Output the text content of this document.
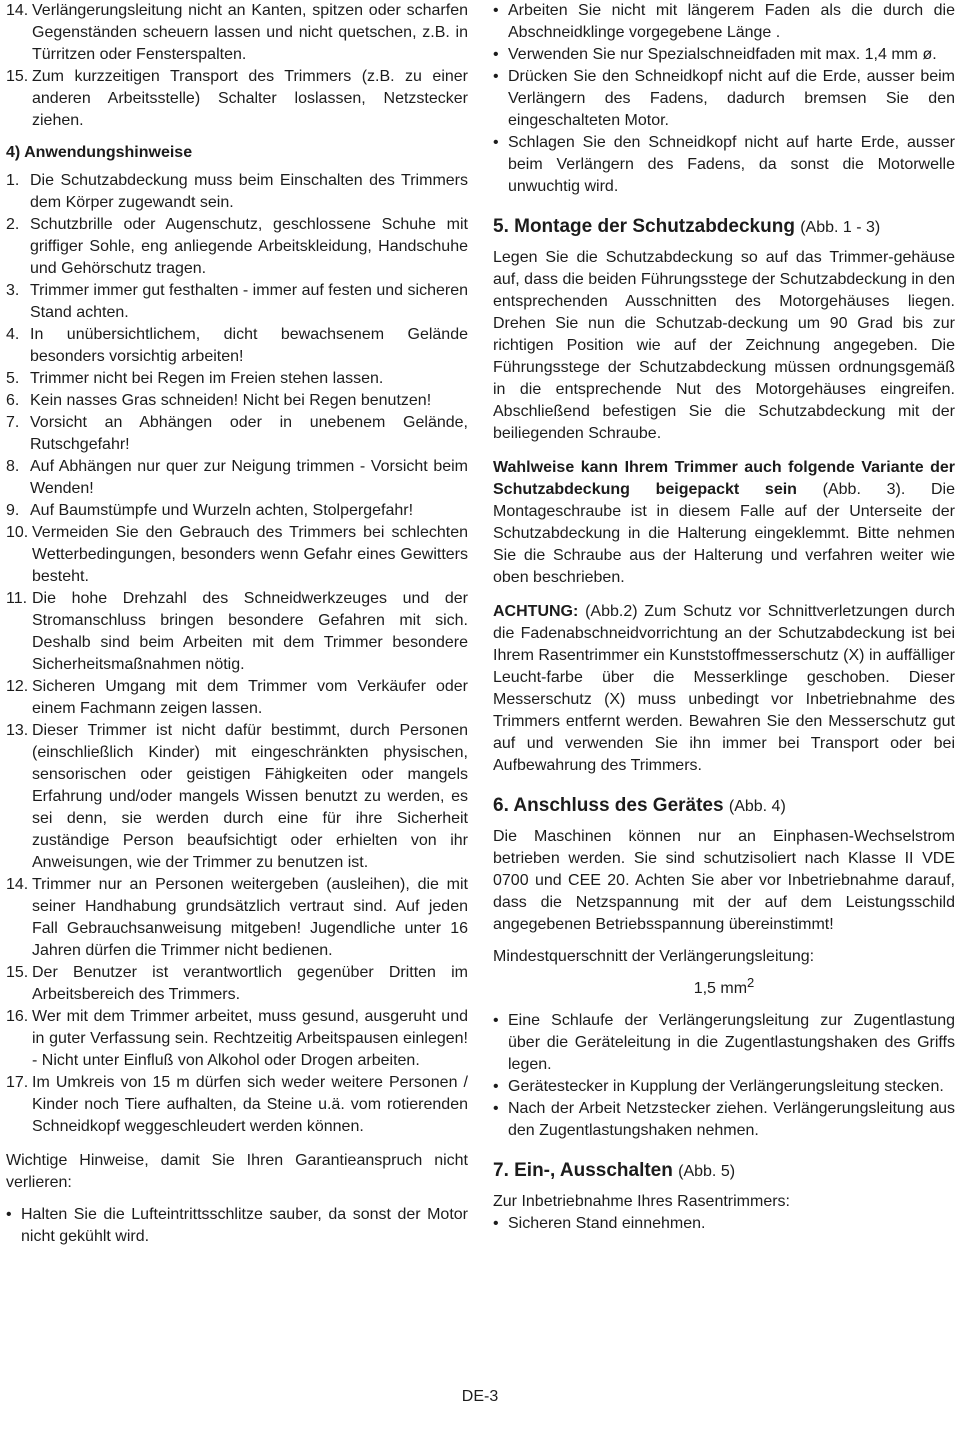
14. Verlängerungsleitung nicht an Kanten, spitzen oder scharfen Gegenständen scheuern lassen und nicht quetschen, z.B. in Türritzen oder Fensterspalten.
15. Zum kurzzeitigen Transport des Trimmers (z.B. zu einer anderen Arbeitsstelle) Schalter loslassen, Netzstecker ziehen.
4) Anwendungshinweise
1. Die Schutzabdeckung muss beim Einschalten des Trimmers dem Körper zugewandt sein.
2. Schutzbrille oder Augenschutz, geschlossene Schuhe mit griffiger Sohle, eng anliegende Arbeitskleidung, Handschuhe und Gehörschutz tragen.
3. Trimmer immer gut festhalten - immer auf festen und sicheren Stand achten.
4. In unübersichtlichem, dicht bewachsenem Gelände besonders vorsichtig arbeiten!
5. Trimmer nicht bei Regen im Freien stehen lassen.
6. Kein nasses Gras schneiden! Nicht bei Regen benutzen!
7. Vorsicht an Abhängen oder in unebenem Gelände, Rutschgefahr!
8. Auf Abhängen nur quer zur Neigung trimmen - Vorsicht beim Wenden!
9. Auf Baumstümpfe und Wurzeln achten, Stolpergefahr!
10. Vermeiden Sie den Gebrauch des Trimmers bei schlechten Wetterbedingungen, besonders wenn Gefahr eines Gewitters besteht.
11. Die hohe Drehzahl des Schneidwerkzeuges und der Stromanschluss bringen besondere Gefahren mit sich. Deshalb sind beim Arbeiten mit dem Trimmer besondere Sicherheitsmaßnahmen nötig.
12. Sicheren Umgang mit dem Trimmer vom Verkäufer oder einem Fachmann zeigen lassen.
13. Dieser Trimmer ist nicht dafür bestimmt, durch Personen (einschließlich Kinder) mit eingeschränkten physischen, sensorischen oder geistigen Fähigkeiten oder mangels Erfahrung und/oder mangels Wissen benutzt zu werden, es sei denn, sie werden durch eine für ihre Sicherheit zuständige Person beaufsichtigt oder erhielten von ihr Anweisungen, wie der Trimmer zu benutzen ist.
14. Trimmer nur an Personen weitergeben (ausleihen), die mit seiner Handhabung grundsätzlich vertraut sind. Auf jeden Fall Gebrauchsanweisung mitgeben! Jugendliche unter 16 Jahren dürfen die Trimmer nicht bedienen.
15. Der Benutzer ist verantwortlich gegenüber Dritten im Arbeitsbereich des Trimmers.
16. Wer mit dem Trimmer arbeitet, muss gesund, ausgeruht und in guter Verfassung sein. Rechtzeitig Arbeitspausen einlegen! - Nicht unter Einfluß von Alkohol oder Drogen arbeiten.
17. Im Umkreis von 15 m dürfen sich weder weitere Personen / Kinder noch Tiere aufhalten, da Steine u.ä. vom rotierenden Schneidkopf weggeschleudert werden können.
Wichtige Hinweise, damit Sie Ihren Garantieanspruch nicht verlieren:
• Halten Sie die Lufteintrittsschlitze sauber, da sonst der Motor nicht gekühlt wird.
• Arbeiten Sie nicht mit längerem Faden als die durch die Abschneidklinge vorgegebene Länge .
• Verwenden Sie nur Spezialschneidfaden mit max. 1,4 mm ø.
• Drücken Sie den Schneidkopf nicht auf die Erde, ausser beim Verlängern des Fadens, dadurch bremsen Sie den eingeschalteten Motor.
• Schlagen Sie den Schneidkopf nicht auf harte Erde, ausser beim Verlängern des Fadens, da sonst die Motorwelle unwuchtig wird.
5. Montage der Schutzabdeckung (Abb. 1 - 3)
Legen Sie die Schutzabdeckung so auf das Trimmer-gehäuse auf, dass die beiden Führungsstege der Schutzabdeckung in den entsprechenden Ausschnitten des Motorgehäuses liegen. Drehen Sie nun die Schutzab-deckung um 90 Grad bis zur richtigen Position wie auf der Zeichnung angegeben. Die Führungsstege der Schutzabdeckung müssen ordnungsgemäß in die entsprechende Nut des Motorgehäuses eingreifen. Abschließend befestigen Sie die Schutzabdeckung mit der beiliegenden Schraube.
Wahlweise kann Ihrem Trimmer auch folgende Variante der Schutzabdeckung beigepackt sein (Abb. 3). Die Montageschraube ist in diesem Falle auf der Unterseite der Schutzabdeckung in die Halterung eingeklemmt. Bitte nehmen Sie die Schraube aus der Halterung und verfahren weiter wie oben beschrieben.
ACHTUNG: (Abb.2) Zum Schutz vor Schnittverletzungen durch die Fadenabschneidvorrichtung an der Schutzabdeckung ist bei Ihrem Rasentrimmer ein Kunststoffmesserschutz (X) in auffälliger Leucht-farbe über die Messerklinge geschoben. Dieser Messerschutz (X) muss unbedingt vor Inbetriebnahme des Trimmers entfernt werden. Bewahren Sie den Messerschutz gut auf und verwenden Sie ihn immer bei Transport oder bei Aufbewahrung des Trimmers.
6. Anschluss des Gerätes (Abb. 4)
Die Maschinen können nur an Einphasen-Wechselstrom betrieben werden. Sie sind schutzisoliert nach Klasse II VDE 0700 und CEE 20. Achten Sie aber vor Inbetriebnahme darauf, dass die Netzspannung mit der auf dem Leistungsschild angegebenen Betriebsspannung übereinstimmt!
Mindestquerschnitt der Verlängerungsleitung:
1,5 $mm^2$
• Eine Schlaufe der Verlängerungsleitung zur Zugentlastung über die Geräteleitung in die Zugentlastungshaken des Griffs legen.
• Gerätestecker in Kupplung der Verlängerungsleitung stecken.
• Nach der Arbeit Netzstecker ziehen. Verlängerungsleitung aus den Zugentlastungshaken nehmen.
7. Ein-, Ausschalten (Abb. 5)
Zur Inbetriebnahme Ihres Rasentrimmers:
• Sicheren Stand einnehmen.
DE-3
